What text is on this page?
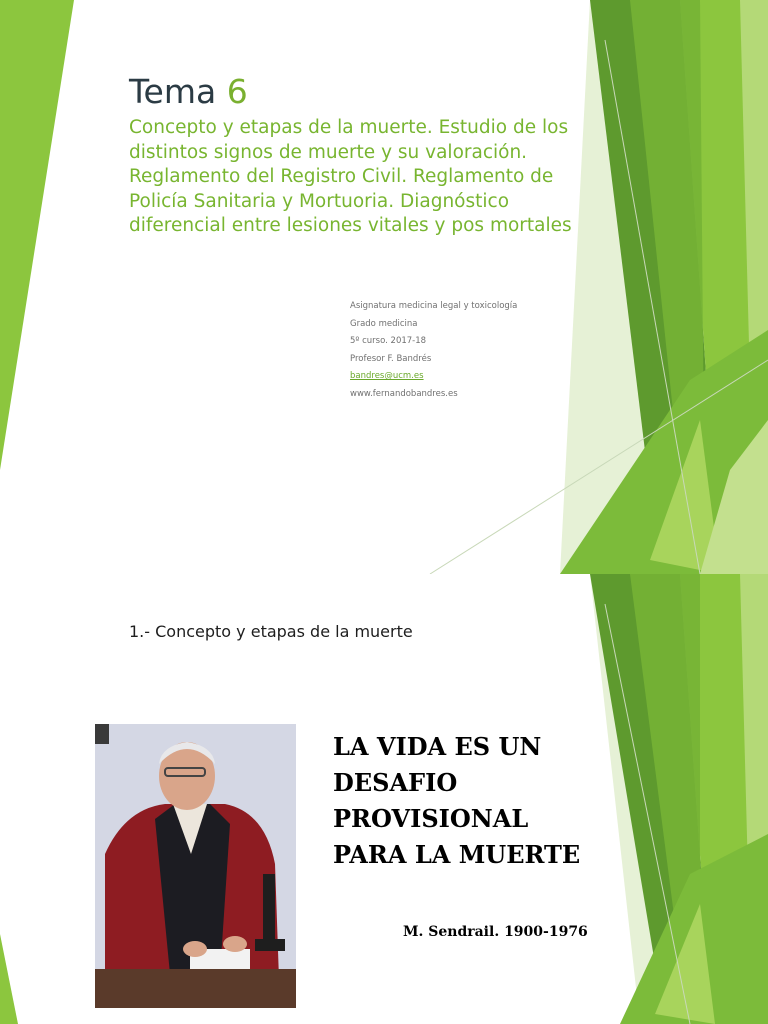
Tema 6
Concepto y etapas de la muerte. Estudio de los distintos signos de muerte y su valoración. Reglamento del Registro Civil. Reglamento de Policía Sanitaria y Mortuoria. Diagnóstico diferencial entre lesiones vitales y pos mortales
Asignatura medicina legal y toxicología
Grado medicina
5º curso. 2017-18
Profesor F. Bandrés
bandres@ucm.es
www.fernandobandres.es
1.- Concepto y etapas de la muerte
LA VIDA ES UN
DESAFIO
PROVISIONAL
PARA LA MUERTE
M. Sendrail. 1900-1976
